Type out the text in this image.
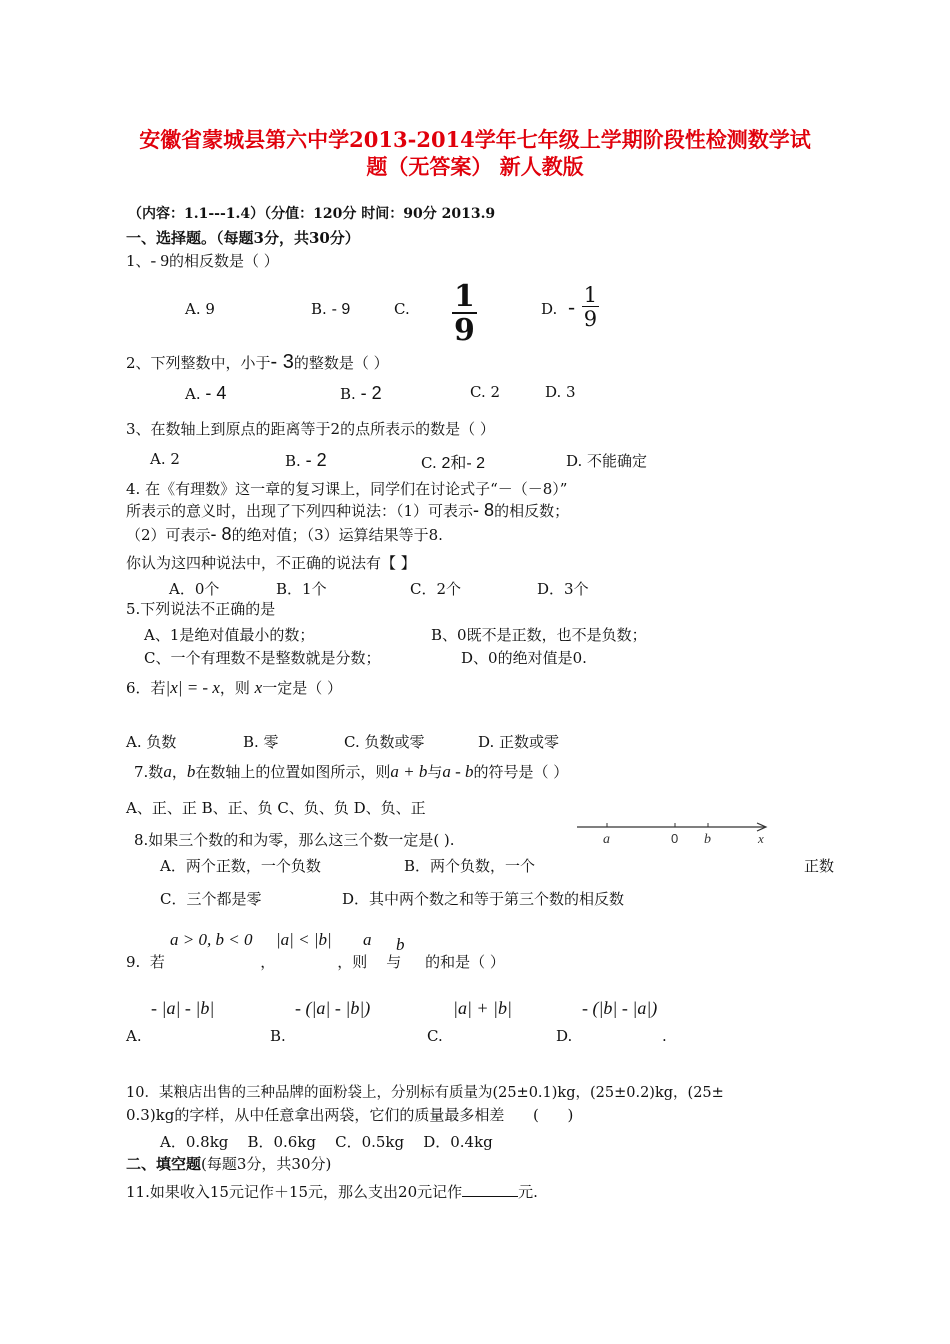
安徽省蒙城县第六中学2013-2014学年七年级上学期阶段性检测数学试
题（无答案） 新人教版
（内容：1.1---1.4）（分值：120分 时间：90分 2013.9
一、选择题。（每题3分，共30分）
1、- 9的相反数是（ ）
A. 9	B. - 9	C. $\frac{1}{9}$	D. - $\frac{1}{9}$
2、下列整数中，小于- 3的整数是（ ）
A. - 4	B. - 2	C. 2	D. 3
3、在数轴上到原点的距离等于2的点所表示的数是（ ）
A. 2	B. - 2	C. 2和- 2	D. 不能确定
4. 在《有理数》这一章的复习课上，同学们在讨论式子“－（－8）”
所表示的意义时，出现了下列四种说法：（1）可表示- 8的相反数；
（2）可表示- 8的绝对值；（3）运算结果等于8.
你认为这四种说法中，不正确的说法有【 】
A．0个	B．1个	C．2个	D．3个
5.下列说法不正确的是
A、1是绝对值最小的数；	B、0既不是正数，也不是负数；
C、一个有理数不是整数就是分数；	D、0的绝对值是0.
6．若|x| = - x，则 x一定是（ ）
A. 负数	B. 零	C. 负数或零	D. 正数或零
7.数a，b在数轴上的位置如图所示，则a + b与a - b的符号是（ ）
A、正、正 B、正、负 C、负、负 D、负、正
a	0 b	x
8.如果三个数的和为零，那么这三个数一定是( ).
A．两个正数，一个负数	B．两个负数，一个	正数
C．三个都是零	D．其中两个数之和等于第三个数的相反数
a > 0, b < 0 |a| < |b| a b
9.  若                    ，             ，则    与     的和是（ ）
- |a| - |b|	- (|a| - |b|)	|a| + |b|	- (|b| - |a|)
A.	B.	C.	D.	.
10．某粮店出售的三种品牌的面粉袋上，分别标有质量为(25±0.1)kg，(25±0.2)kg，(25±
0.3)kg的字样，从中任意拿出两袋，它们的质量最多相差      (      )
A．0.8kg    B．0.6kg    C．0.5kg    D．0.4kg
二、填空题(每题3分，共30分)
11.如果收入15元记作＋15元，那么支出20元记作	元.
